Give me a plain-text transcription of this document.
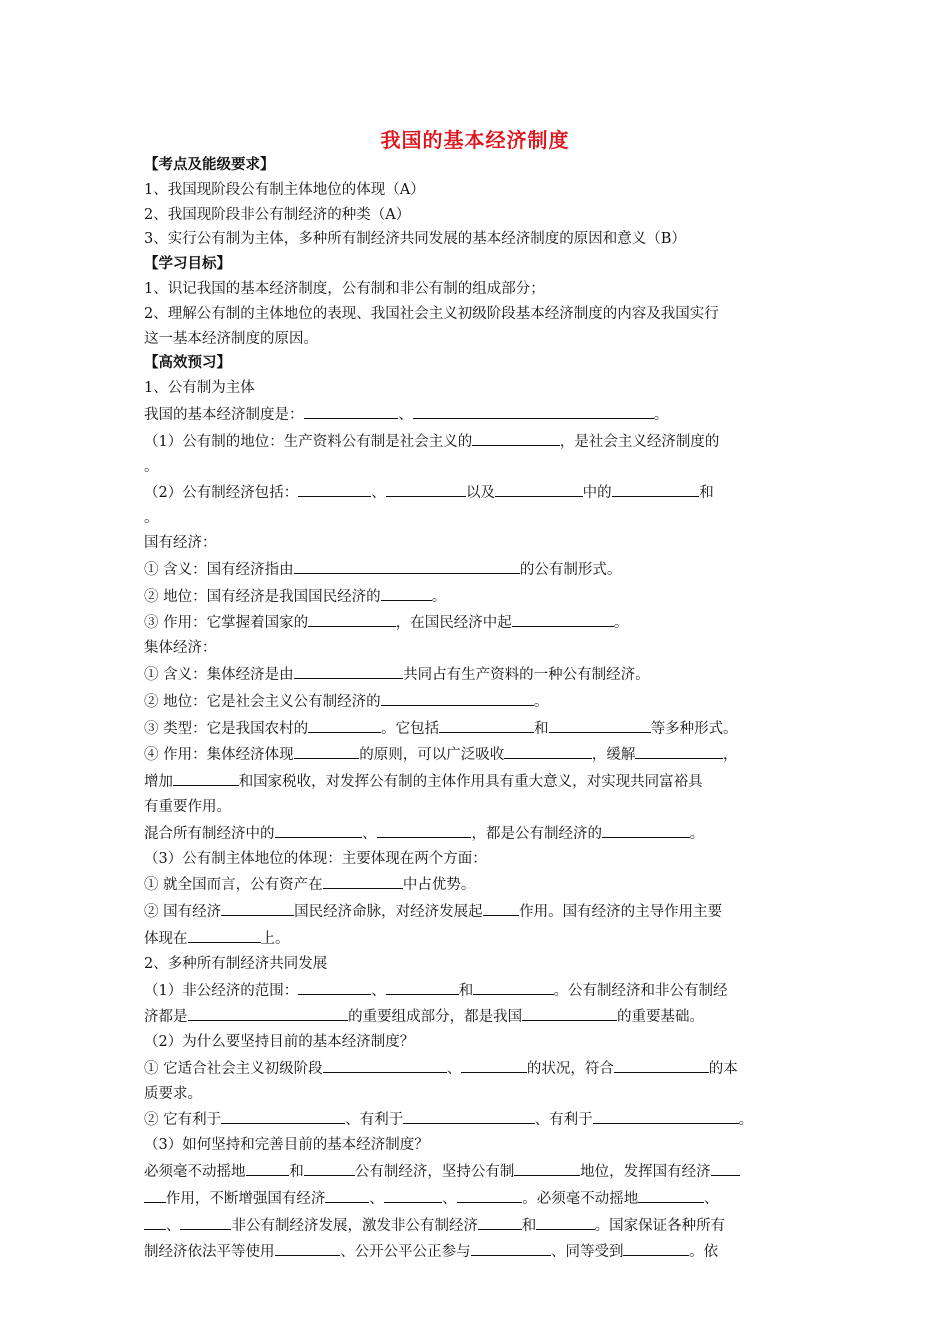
我国的基本经济制度

【考点及能级要求】

1、我国现阶段公有制主体地位的体现（A）

2、我国现阶段非公有制经济的种类（A）

3、实行公有制为主体，多种所有制经济共同发展的基本经济制度的原因和意义（B）

【学习目标】

1、识记我国的基本经济制度，公有制和非公有制的组成部分；

2、理解公有制的主体地位的表现、我国社会主义初级阶段基本经济制度的内容及我国实行

这一基本经济制度的原因。

【高效预习】

1、公有制为主体

我国的基本经济制度是：	、	。

（1）公有制的地位：生产资料公有制是社会主义的	，是社会主义经济制度的

。

（2）公有制经济包括：	、	以及	中的	和

。

国有经济：

① 含义：国有经济指由	的公有制形式。

② 地位：国有经济是我国国民经济的	。

③ 作用：它掌握着国家的	，在国民经济中起	。

集体经济：

① 含义：集体经济是由	共同占有生产资料的一种公有制经济。

② 地位：它是社会主义公有制经济的	。

③ 类型：它是我国农村的	。它包括	和	等多种形式。

④ 作用：集体经济体现	的原则，可以广泛吸收	，缓解	，

增加	和国家税收，对发挥公有制的主体作用具有重大意义，对实现共同富裕具

有重要作用。

混合所有制经济中的	、	，都是公有制经济的	。

（3）公有制主体地位的体现：主要体现在两个方面：

① 就全国而言，公有资产在	中占优势。

② 国有经济	国民经济命脉，对经济发展起	作用。国有经济的主导作用主要

体现在	上。

2、多种所有制经济共同发展

（1）非公经济的范围：	、	和	。公有制经济和非公有制经

济都是	的重要组成部分，都是我国	的重要基础。

（2）为什么要坚持目前的基本经济制度？

① 它适合社会主义初级阶段	、	的状况，符合	的本

质要求。

② 它有利于	、有利于	、有利于	。

（3）如何坚持和完善目前的基本经济制度？

必须毫不动摇地	和	公有制经济，坚持公有制	地位，发挥国有经济

作用，不断增强国有经济	、	、	。必须毫不动摇地	、

、	非公有制经济发展，激发非公有制经济	和	。国家保证各种所有

制经济依法平等使用	、公开公平公正参与	、同等受到	。依
